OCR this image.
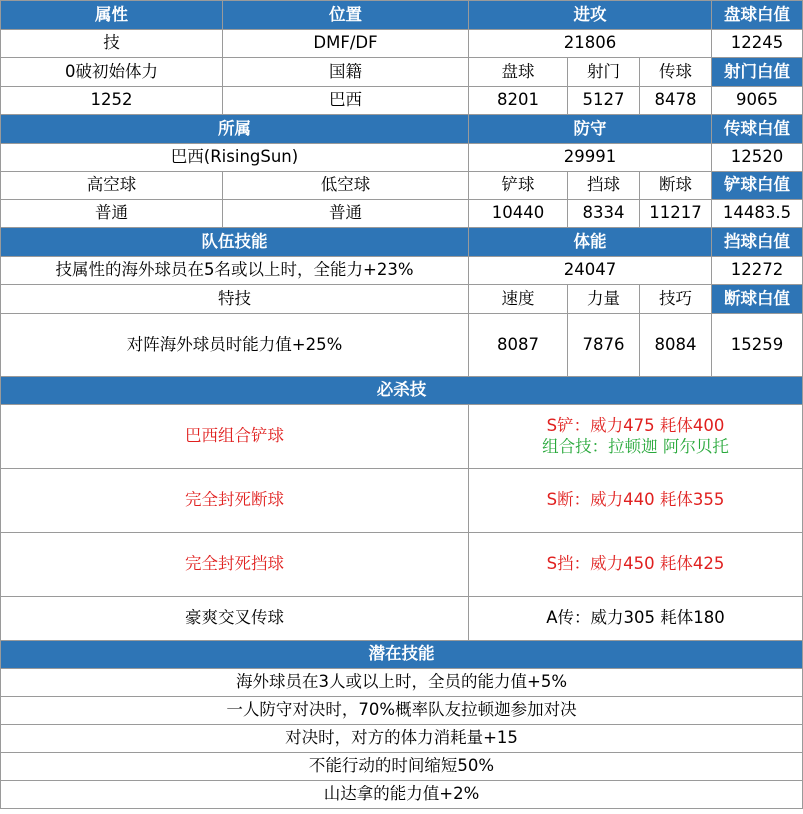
属性	位置	进攻			盘球白值
技	DMF/DF	21806			12245
0破初始体力	国籍	盘球	射门	传球	射门白值
1252	巴西	8201	5127	8478	9065
所属		防守			传球白值
巴西(RisingSun)		29991			12520
高空球	低空球	铲球	挡球	断球	铲球白值
普通	普通	10440	8334	11217	14483.5
队伍技能		体能			挡球白值
技属性的海外球员在5名或以上时，全能力+23%		24047			12272
特技		速度	力量	技巧	断球白值
对阵海外球员时能力值+25%		8087	7876	8084	15259
必杀技					
巴西组合铲球		S铲：威力475 耗体400
组合技：拉顿迦 阿尔贝托			

完全封死断球		S断：威力440 耗体355			
完全封死挡球		S挡：威力450 耗体425			
豪爽交叉传球		A传：威力305 耗体180			
潜在技能					
海外球员在3人或以上时，全员的能力值+5%					
一人防守对决时，70%概率队友拉顿迦参加对决					
对决时，对方的体力消耗量+15					
不能行动的时间缩短50%					
山达拿的能力值+2%					
